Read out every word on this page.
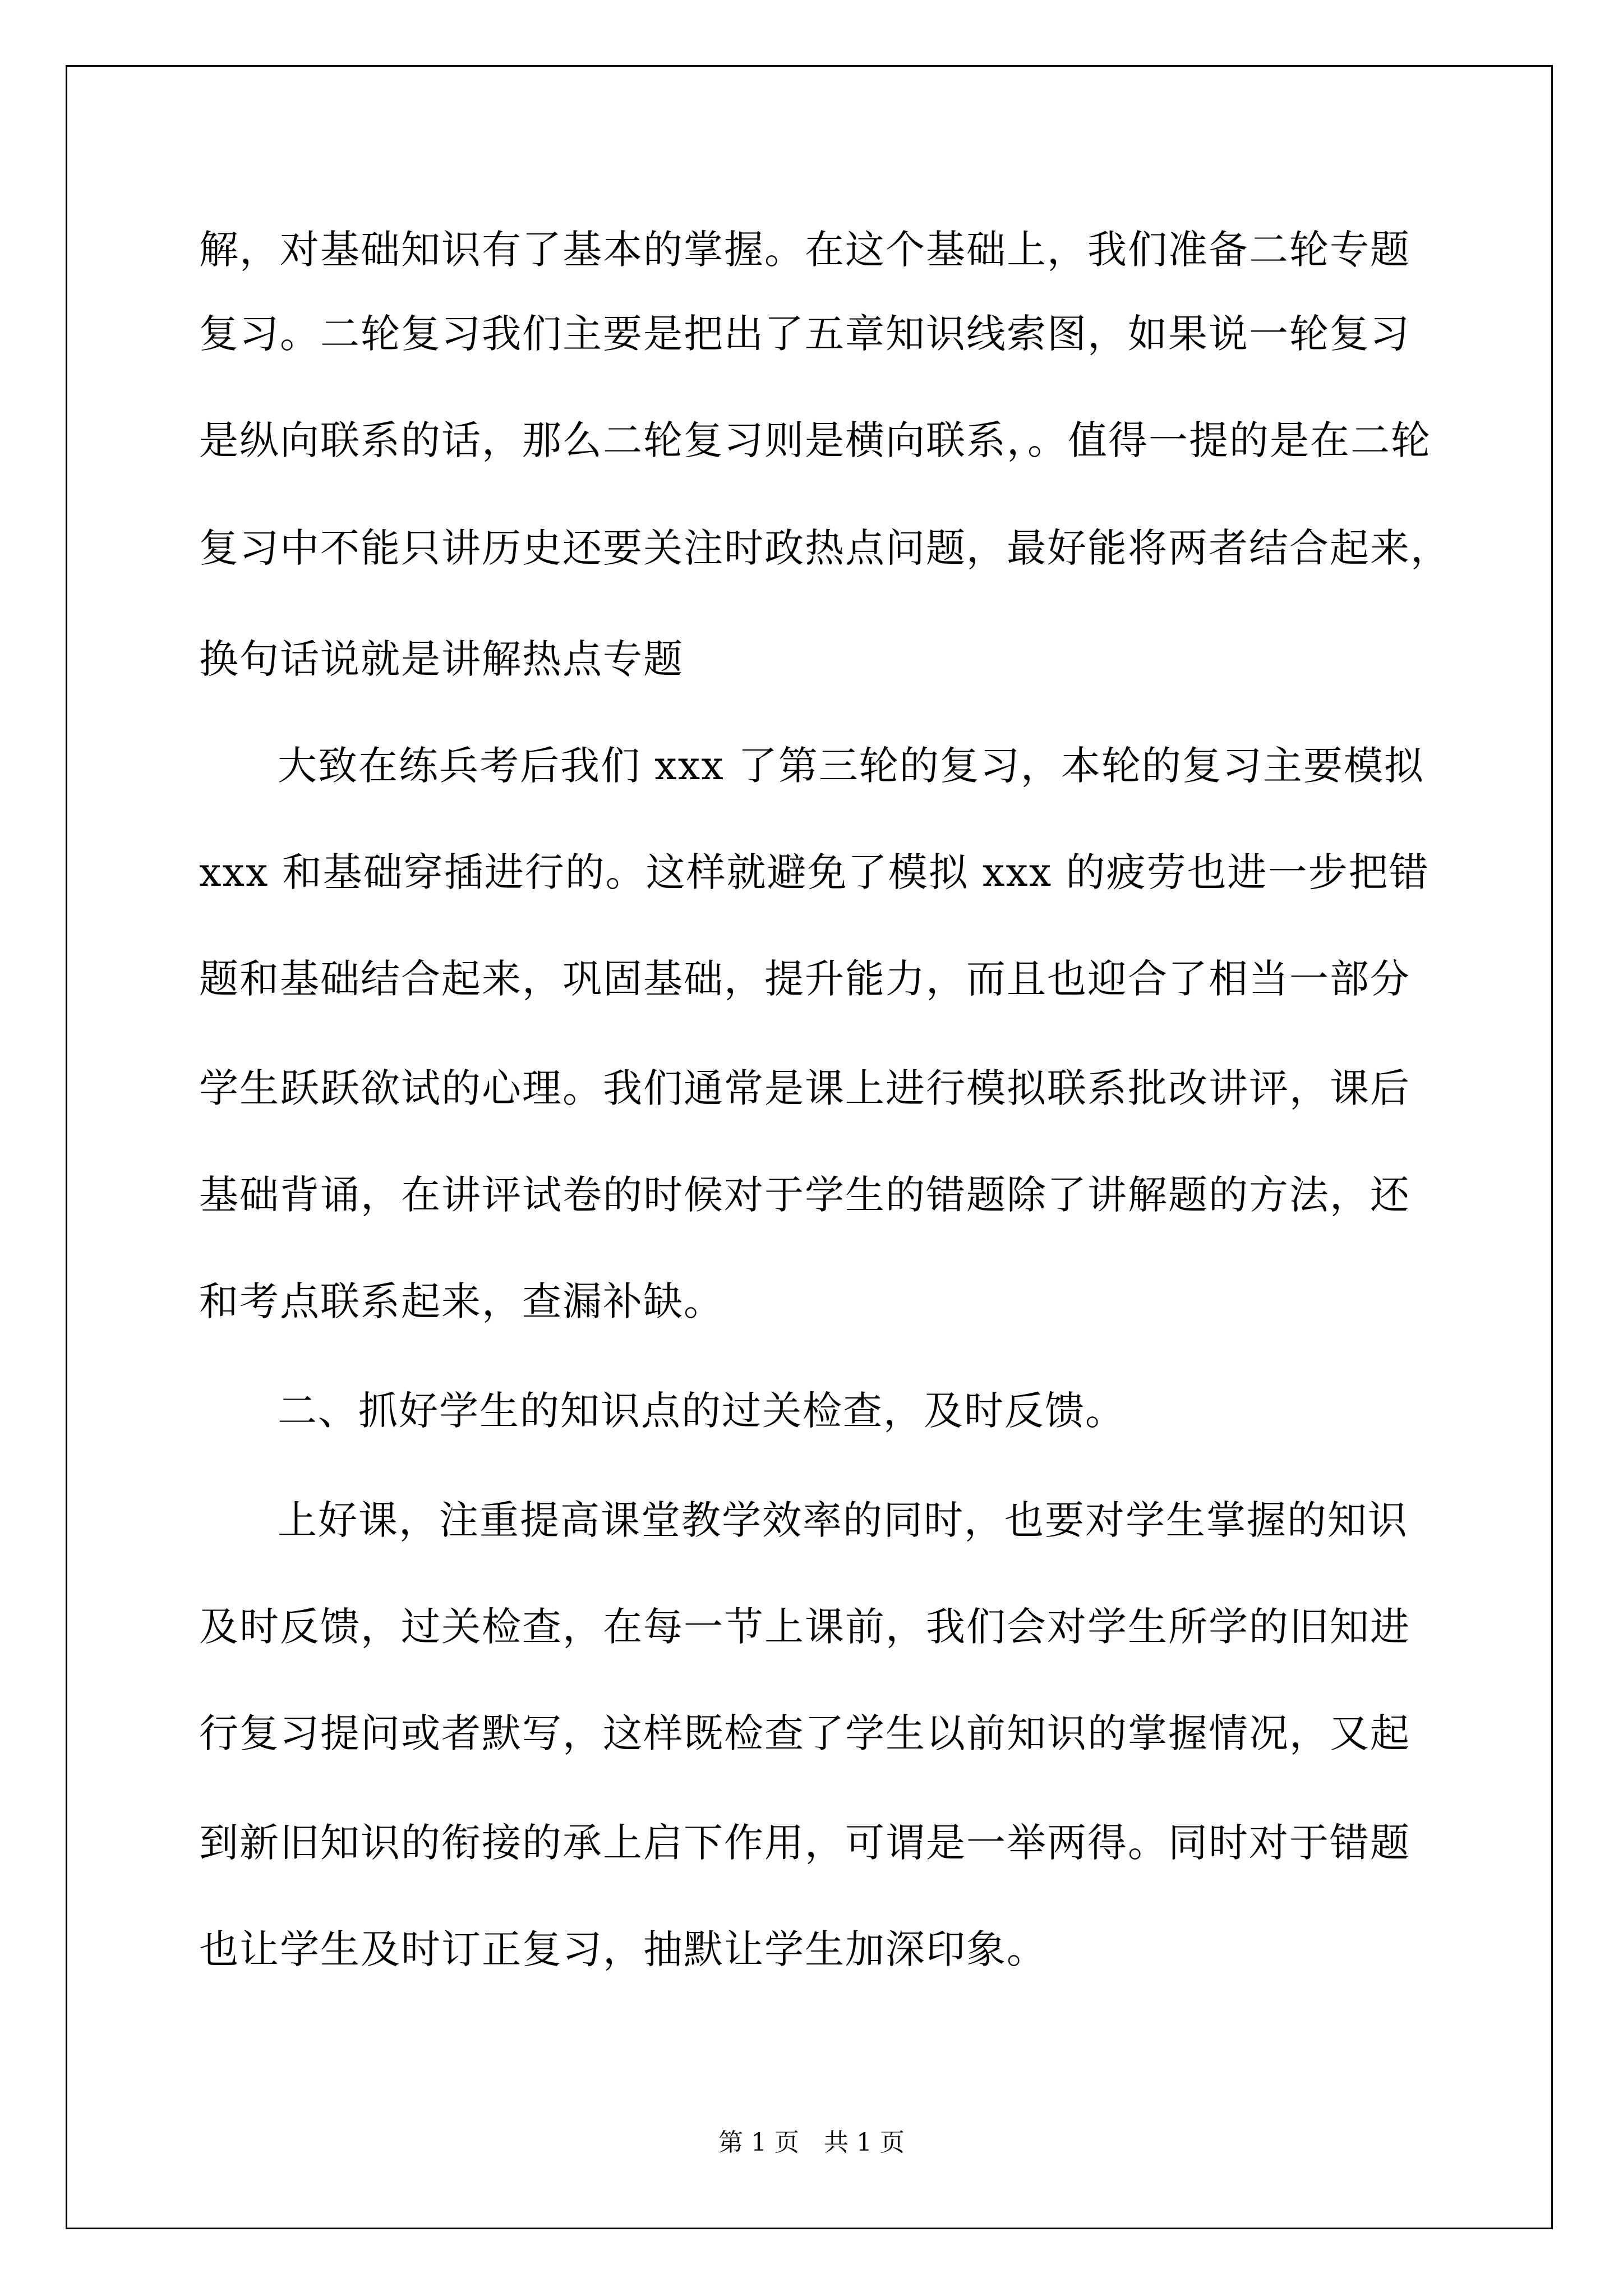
解，对基础知识有了基本的掌握。在这个基础上，我们准备二轮专题

复习。二轮复习我们主要是把出了五章知识线索图，如果说一轮复习

是纵向联系的话，那么二轮复习则是横向联系，。值得一提的是在二轮

复习中不能只讲历史还要关注时政热点问题，最好能将两者结合起来，

换句话说就是讲解热点专题

大致在练兵考后我们 xxx 了第三轮的复习，本轮的复习主要模拟

xxx 和基础穿插进行的。这样就避免了模拟 xxx 的疲劳也进一步把错

题和基础结合起来，巩固基础，提升能力，而且也迎合了相当一部分

学生跃跃欲试的心理。我们通常是课上进行模拟联系批改讲评，课后

基础背诵，在讲评试卷的时候对于学生的错题除了讲解题的方法，还

和考点联系起来，查漏补缺。

二、抓好学生的知识点的过关检查，及时反馈。

上好课，注重提高课堂教学效率的同时，也要对学生掌握的知识

及时反馈，过关检查，在每一节上课前，我们会对学生所学的旧知进

行复习提问或者默写，这样既检查了学生以前知识的掌握情况，又起

到新旧知识的衔接的承上启下作用，可谓是一举两得。同时对于错题

也让学生及时订正复习，抽默让学生加深印象。

第 1 页　共 1 页
